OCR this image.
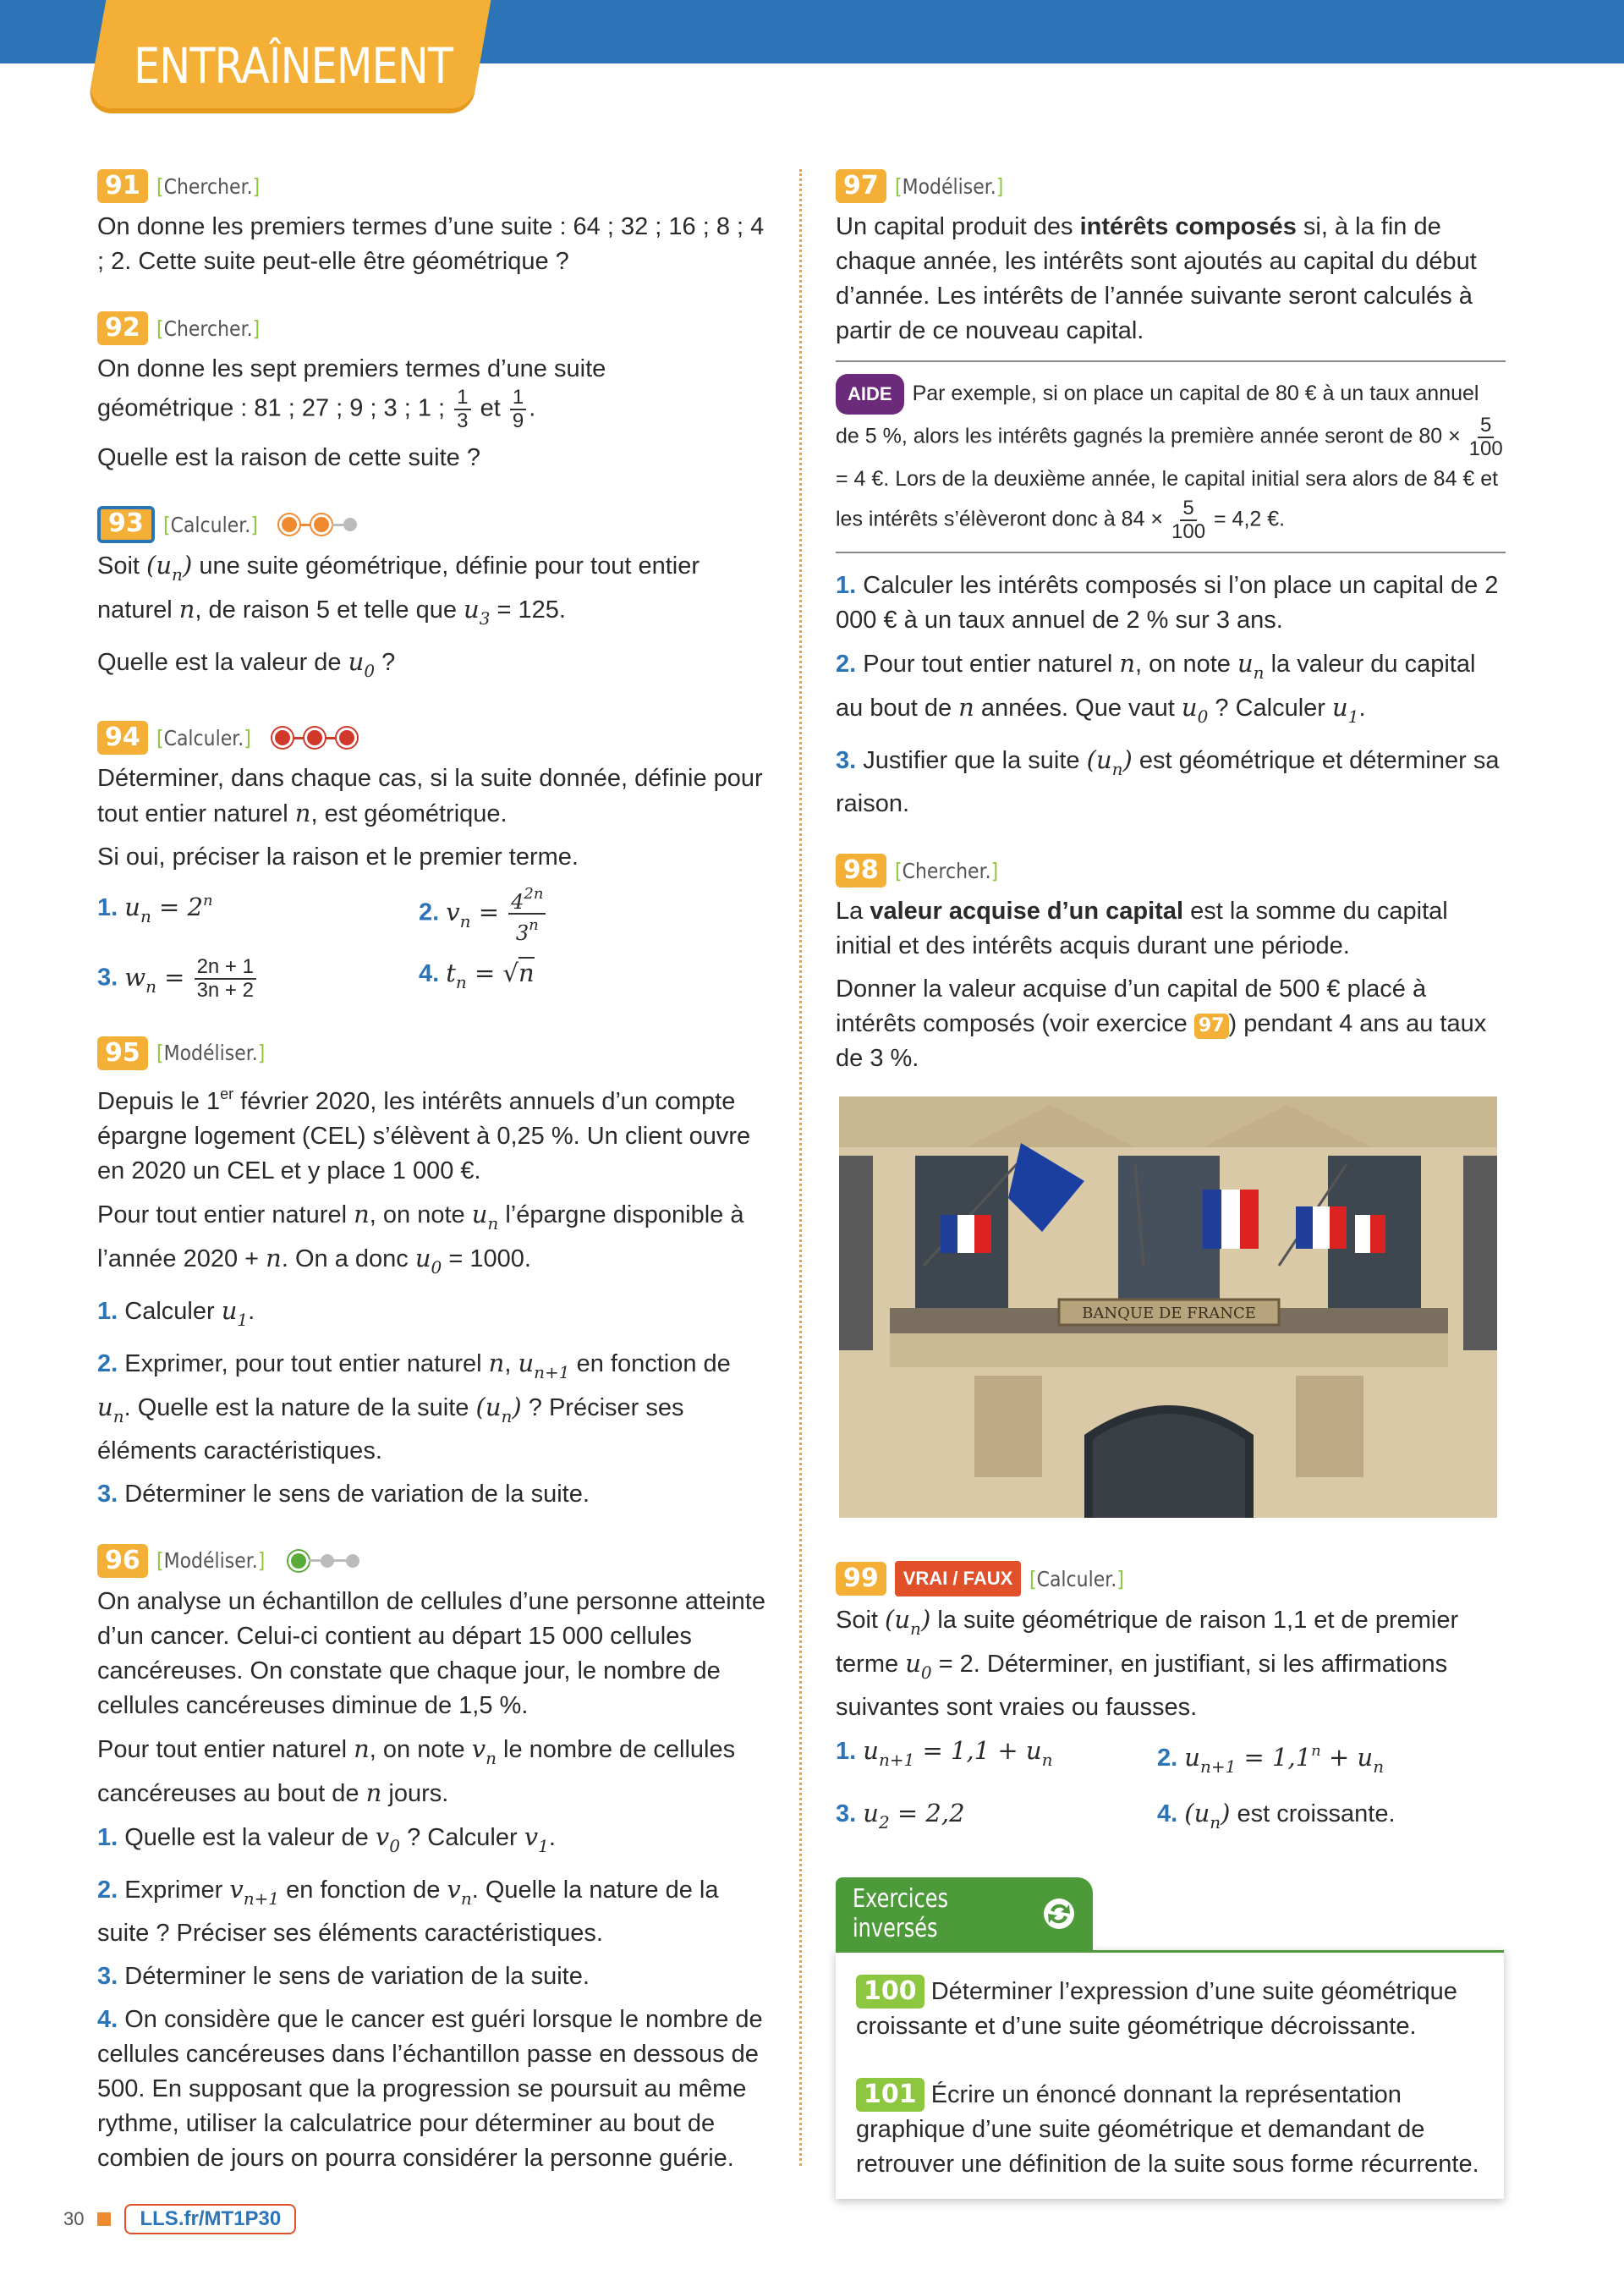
ENTRAÎNEMENT
91 [Chercher.]

On donne les premiers termes d’une suite : 64 ; 32 ; 16 ; 8 ; 4 ; 2. Cette suite peut-elle être géométrique ?

92 [Chercher.]

On donne les sept premiers termes d’une suite
géométrique : 81 ; 27 ; 9 ; 3 ; 1 ; $\frac{1}{3}$ et $\frac{1}{9}$ .

Quelle est la raison de cette suite ?

93 [Calculer.]

Soit $(u_n)$ une suite géométrique, définie pour tout entier naturel n, de raison 5 et telle que $u_3 = 125$.

Quelle est la valeur de $u_0$ ?

94 [Calculer.]

Déterminer, dans chaque cas, si la suite donnée, définie pour tout entier naturel n, est géométrique.

Si oui, préciser la raison et le premier terme.

1. $u_n = 2^n$	2. $v_n = \frac{4^{2n}}{3^n}$
3. $w_n = \frac{2n + 1}{3n + 2}$	4. $t_n = √n$
95 [Modéliser.]

Depuis le 1er février 2020, les intérêts annuels d’un compte épargne logement (CEL) s’élèvent à 0,25 %. Un client ouvre en 2020 un CEL et y place 1 000 €.

Pour tout entier naturel n, on note $u_n$ l’épargne disponible à l’année 2020 + n. On a donc $u_0 = 1000$.

1. Calculer $u_1$.

2. Exprimer, pour tout entier naturel n, $u_{n+1}$ en fonction de $u_n$. Quelle est la nature de la suite $(u_n)$ ? Préciser ses éléments caractéristiques.

3. Déterminer le sens de variation de la suite.

96 [Modéliser.]

On analyse un échantillon de cellules d’une personne atteinte d’un cancer. Celui-ci contient au départ 15 000 cellules cancéreuses. On constate que chaque jour, le nombre de cellules cancéreuses diminue de 1,5 %.

Pour tout entier naturel n, on note $v_n$ le nombre de cellules cancéreuses au bout de n jours.

1. Quelle est la valeur de $v_0$ ? Calculer $v_1$.

2. Exprimer $v_{n+1}$ en fonction de $v_n$. Quelle la nature de la suite ? Préciser ses éléments caractéristiques.

3. Déterminer le sens de variation de la suite.

4. On considère que le cancer est guéri lorsque le nombre de cellules cancéreuses dans l’échantillon passe en dessous de 500. En supposant que la progression se poursuit au même rythme, utiliser la calculatrice pour déterminer au bout de combien de jours on pourra considérer la personne guérie.

97 [Modéliser.]

Un capital produit des intérêts composés si, à la fin de chaque année, les intérêts sont ajoutés au capital du début d’année. Les intérêts de l’année suivante seront calculés à partir de ce nouveau capital.

AIDE Par exemple, si on place un capital de 80 € à un taux annuel de 5 %, alors les intérêts gagnés la première année seront de $80 \times \frac{5}{100}$
= 4 €. Lors de la deuxième année, le capital initial sera alors de 84 € et les intérêts s’élèveront donc à $84 \times \frac{5}{100} = 4,2$ €.

1. Calculer les intérêts composés si l’on place un capital de 2 000 € à un taux annuel de 2 % sur 3 ans.

2. Pour tout entier naturel n, on note $u_n$ la valeur du capital au bout de n années. Que vaut $u_0$ ? Calculer $u_1$.

3. Justifier que la suite $(u_n)$ est géométrique et déterminer sa raison.

98 [Chercher.]

La valeur acquise d’un capital est la somme du capital initial et des intérêts acquis durant une période.

Donner la valeur acquise d’un capital de 500 € placé à intérêts composés (voir exercice 97 ) pendant 4 ans au taux de 3 %.

BANQUE DE FRANCE
99	VRAI / FAUX [Calculer.]

Soit $(u_n)$ la suite géométrique de raison 1,1 et de premier terme $u_0 = 2$. Déterminer, en justifiant, si les affirmations suivantes sont vraies ou fausses.

1. $u_{n+1} = 1,1 + u_n$	2. $u_{n+1} = 1,1^n + u_n$
3. $u_2 = 2,2$	4. $(u_n)$ est croissante.
Exercices inversés

100 Déterminer l’expression d’une suite géométrique croissante et d’une suite géométrique décroissante.

101 Écrire un énoncé donnant la représentation graphique d’une suite géométrique et demandant de retrouver une définition de la suite sous forme récurrente.

30	LLS.fr/MT1P30
